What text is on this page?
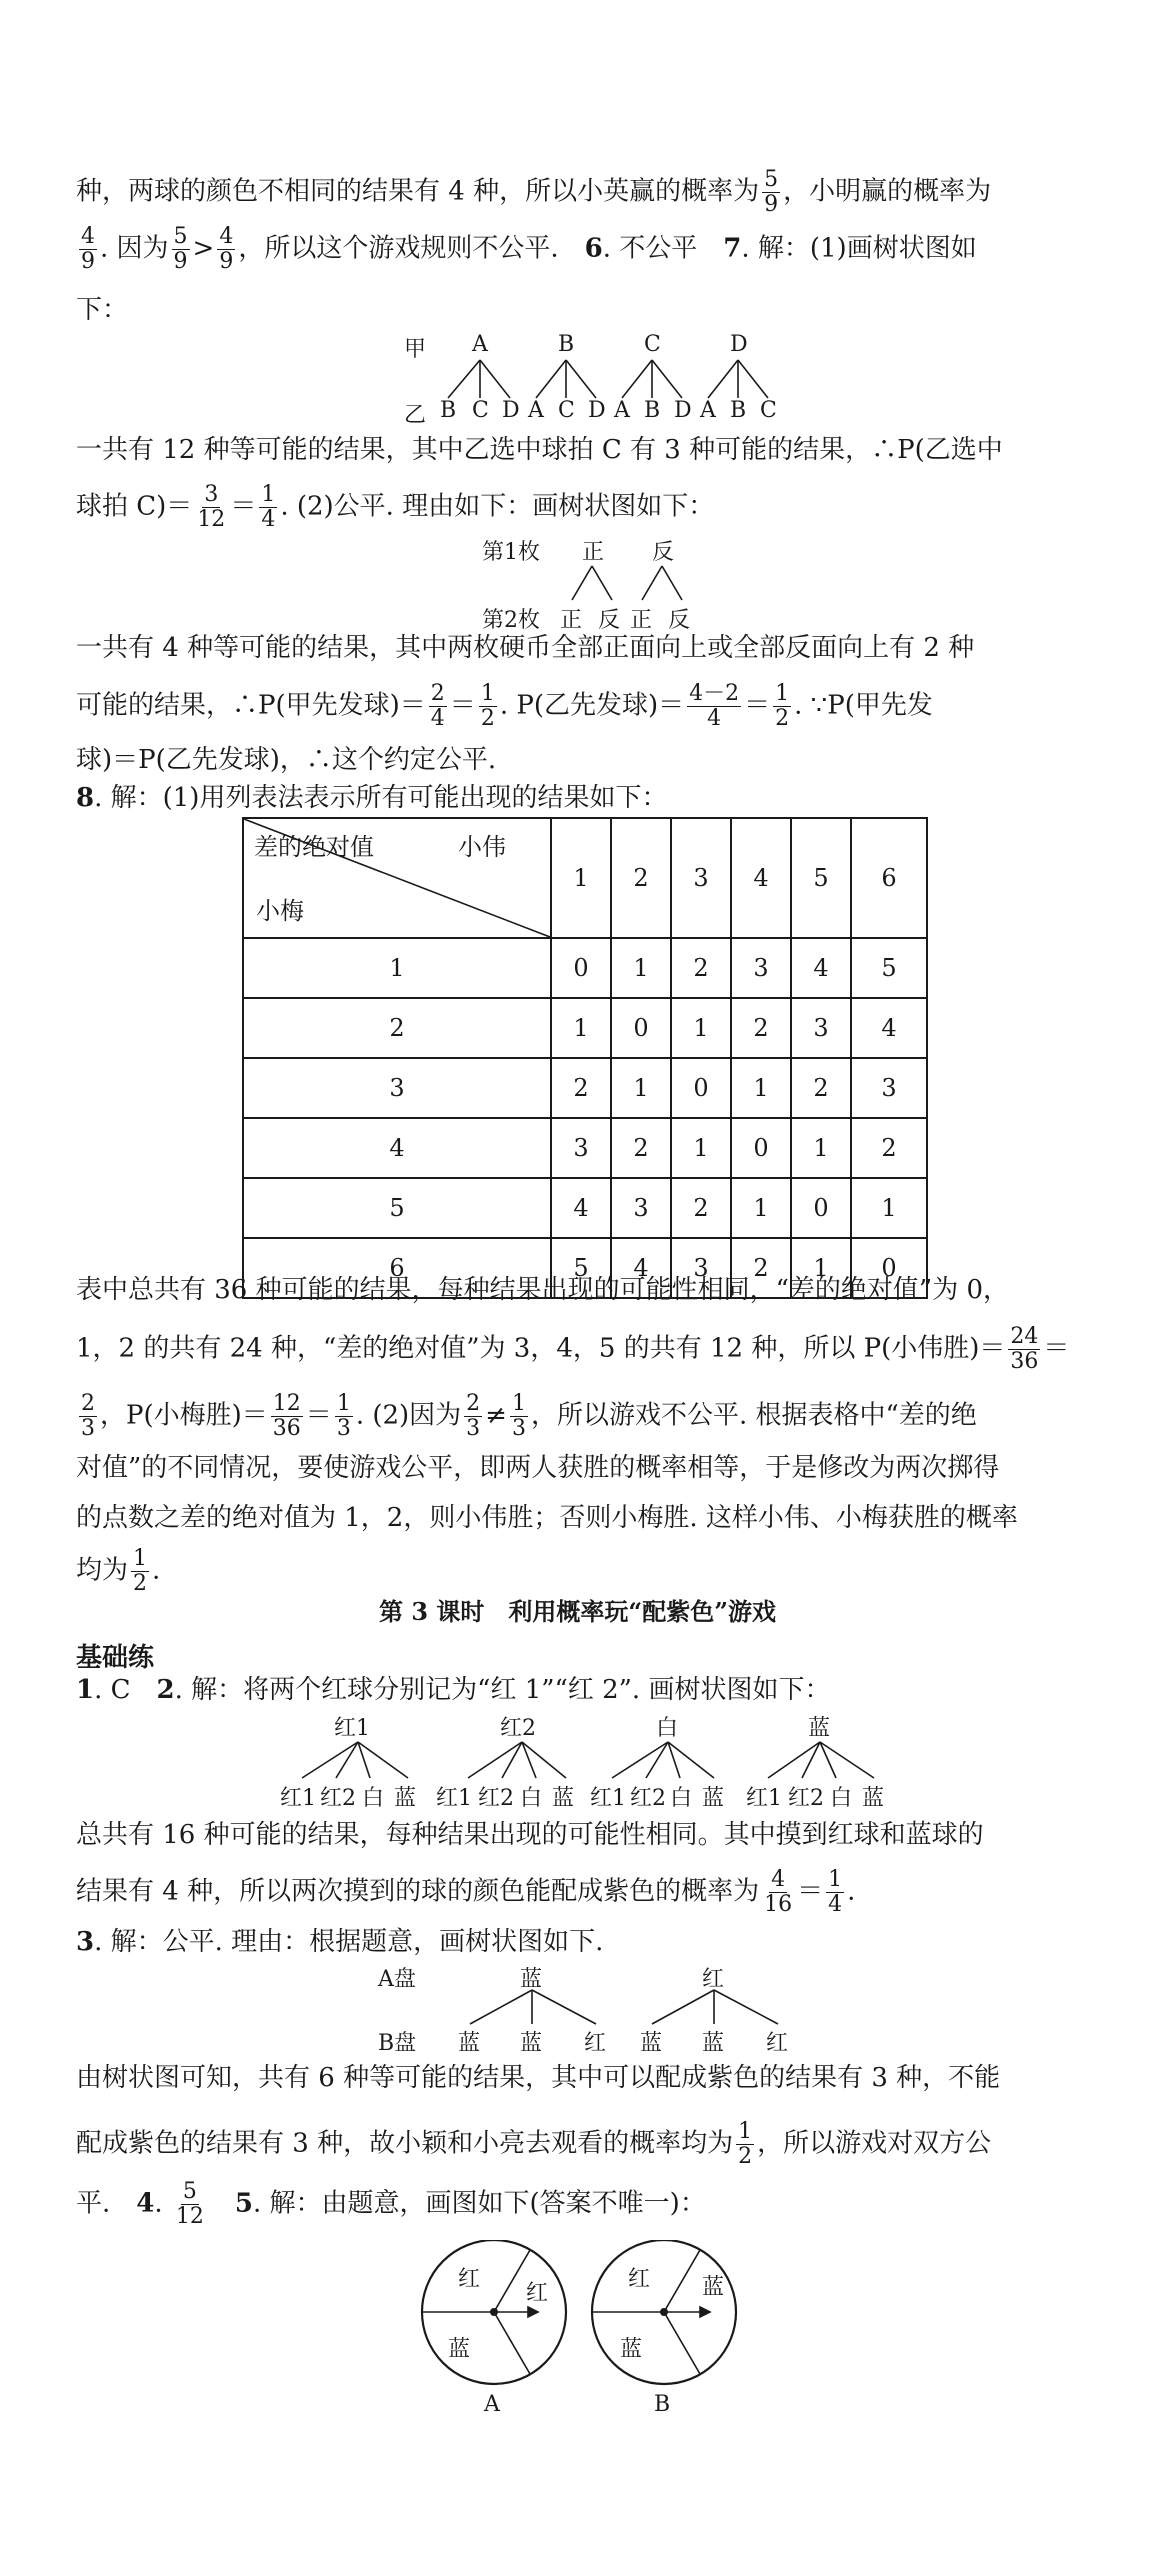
种，两球的颜色不相同的结果有 4 种，所以小英赢的概率为 $\frac{5}{9}$ ，小明赢的概率为
$\frac{4}{9}$ . 因为 $\frac{5}{9} > \frac{4}{9}$ ，所以这个游戏规则不公平.　 6. 不公平　 7. 解：(1)画树状图如
下：
甲 A	B	C	D
乙 B C D A C D A B D A B C
一共有 12 种等可能的结果，其中乙选中球拍 C 有 3 种可能的结果，∴P(乙选中
球拍 $C)= \frac{3}{12} = \frac{1}{4}$ . (2)公平. 理由如下：画树状图如下：
第1枚 正 反
第2枚 正 反 正 反
一共有 4 种等可能的结果，其中两枚硬币全部正面向上或全部反面向上有 2 种
可能的结果，∴P(甲先发球)＝ $\frac{2}{4} = \frac{1}{2}$ . P(乙先发球)＝ $\frac{4-2}{4} = \frac{1}{2}$ . ∵P(甲先发
球)＝P(乙先发球)，∴这个约定公平.
8. 解：(1)用列表法表示所有可能出现的结果如下：
差的绝对值 小伟
小梅	1	2	3	4	5	6
1	0	1	2	3	4	5
2	1	0	1	2	3	4
3	2	1	0	1	2	3
4	3	2	1	0	1	2
5	4	3	2	1	0	1
6	5	4	3	2	1	0
表中总共有 36 种可能的结果，每种结果出现的可能性相同，“差的绝对值”为 0，
1，2 的共有 24 种，“差的绝对值”为 3，4，5 的共有 12 种，所以 P(小伟胜)＝ $\frac{24}{36}$ ＝
$\frac{2}{3}$ ，P(小梅胜)＝ $\frac{12}{36} = \frac{1}{3}$ . (2)因为 $\frac{2}{3} \ne \frac{1}{3}$ ，所以游戏不公平. 根据表格中“差的绝
对值”的不同情况，要使游戏公平，即两人获胜的概率相等，于是修改为两次掷得
的点数之差的绝对值为 1，2，则小伟胜；否则小梅胜. 这样小伟、小梅获胜的概率
均为 $\frac{1}{2}$ .
第 3 课时　利用概率玩“配紫色”游戏
基础练
1. C　2. 解：将两个红球分别记为“红 1”“红 2”. 画树状图如下：
红1	红2	白	蓝
红1 红2 白 蓝 红1 红2 白 蓝 红1 红2 白 蓝 红1 红2 白 蓝
总共有 16 种可能的结果，每种结果出现的可能性相同。其中摸到红球和蓝球的
结果有 4 种，所以两次摸到的球的颜色能配成紫色的概率为 $\frac{4}{16} = \frac{1}{4}$ .
3. 解：公平. 理由：根据题意，画树状图如下.
A盘	蓝	红
B盘 蓝 蓝 红 蓝 蓝 红
由树状图可知，共有 6 种等可能的结果，其中可以配成紫色的结果有 3 种，不能
配成紫色的结果有 3 种，故小颖和小亮去观看的概率均为 $\frac{1}{2}$ ，所以游戏对双方公
平.　4. $\frac{5}{12}$
　 5. 解：由题意，画图如下(答案不唯一)：
红
红
蓝
A
红 蓝
蓝
B
